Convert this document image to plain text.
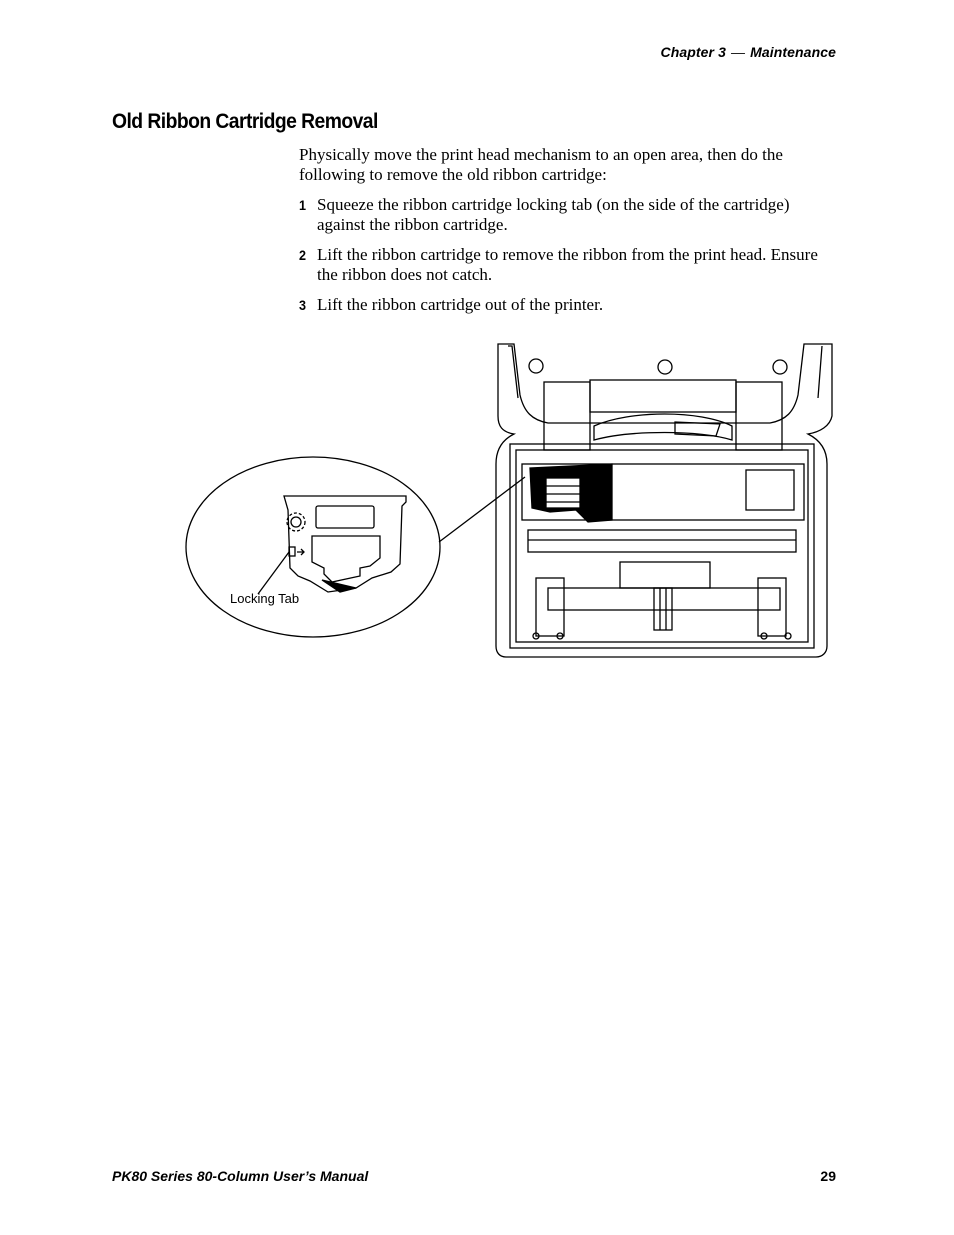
Chapter 3 — Maintenance
Old Ribbon Cartridge Removal

Physically move the print head mechanism to an open area, then do the following to remove the old ribbon cartridge:

1 Squeeze the ribbon cartridge locking tab (on the side of the cartridge) against the ribbon cartridge.
2 Lift the ribbon cartridge to remove the ribbon from the print head. Ensure the ribbon does not catch.
3 Lift the ribbon cartridge out of the printer.
Locking Tab
PK80 Series 80-Column User’s Manual	29
